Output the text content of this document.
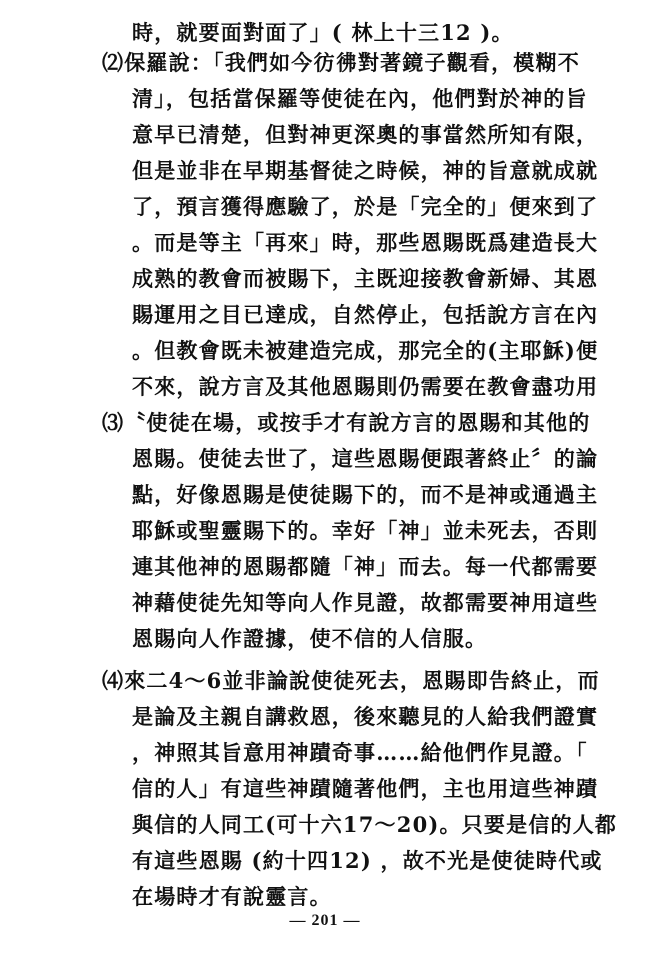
時，就要面對面了」( 林上十三12 )。
⑵保羅說：「我們如今彷彿對著鏡子觀看，模糊不
清」，包括當保羅等使徒在內，他們對於神的旨
意早已清楚，但對神更深奧的事當然所知有限，
但是並非在早期基督徒之時候，神的旨意就成就
了，預言獲得應驗了，於是「完全的」便來到了
。而是等主「再來」時，那些恩賜既爲建造長大
成熟的教會而被賜下，主既迎接教會新婦、其恩
賜運用之目已達成，自然停止，包括說方言在內
。但教會既未被建造完成，那完全的(主耶穌)便
不來，說方言及其他恩賜則仍需要在教會盡功用
⑶〝使徒在場，或按手才有說方言的恩賜和其他的
恩賜。使徒去世了，這些恩賜便跟著終止〞的論
點，好像恩賜是使徒賜下的，而不是神或通過主
耶穌或聖靈賜下的。幸好「神」並未死去，否則
連其他神的恩賜都隨「神」而去。每一代都需要
神藉使徒先知等向人作見證，故都需要神用這些
恩賜向人作證據，使不信的人信服。
⑷來二4～6並非論說使徒死去，恩賜即告終止，而
是論及主親自講救恩，後來聽見的人給我們證實
，神照其旨意用神蹟奇事……給他們作見證。「
信的人」有這些神蹟隨著他們，主也用這些神蹟
與信的人同工(可十六17～20)。只要是信的人都
有這些恩賜 (約十四12) ，故不光是使徒時代或
在場時才有說靈言。
— 201 —
